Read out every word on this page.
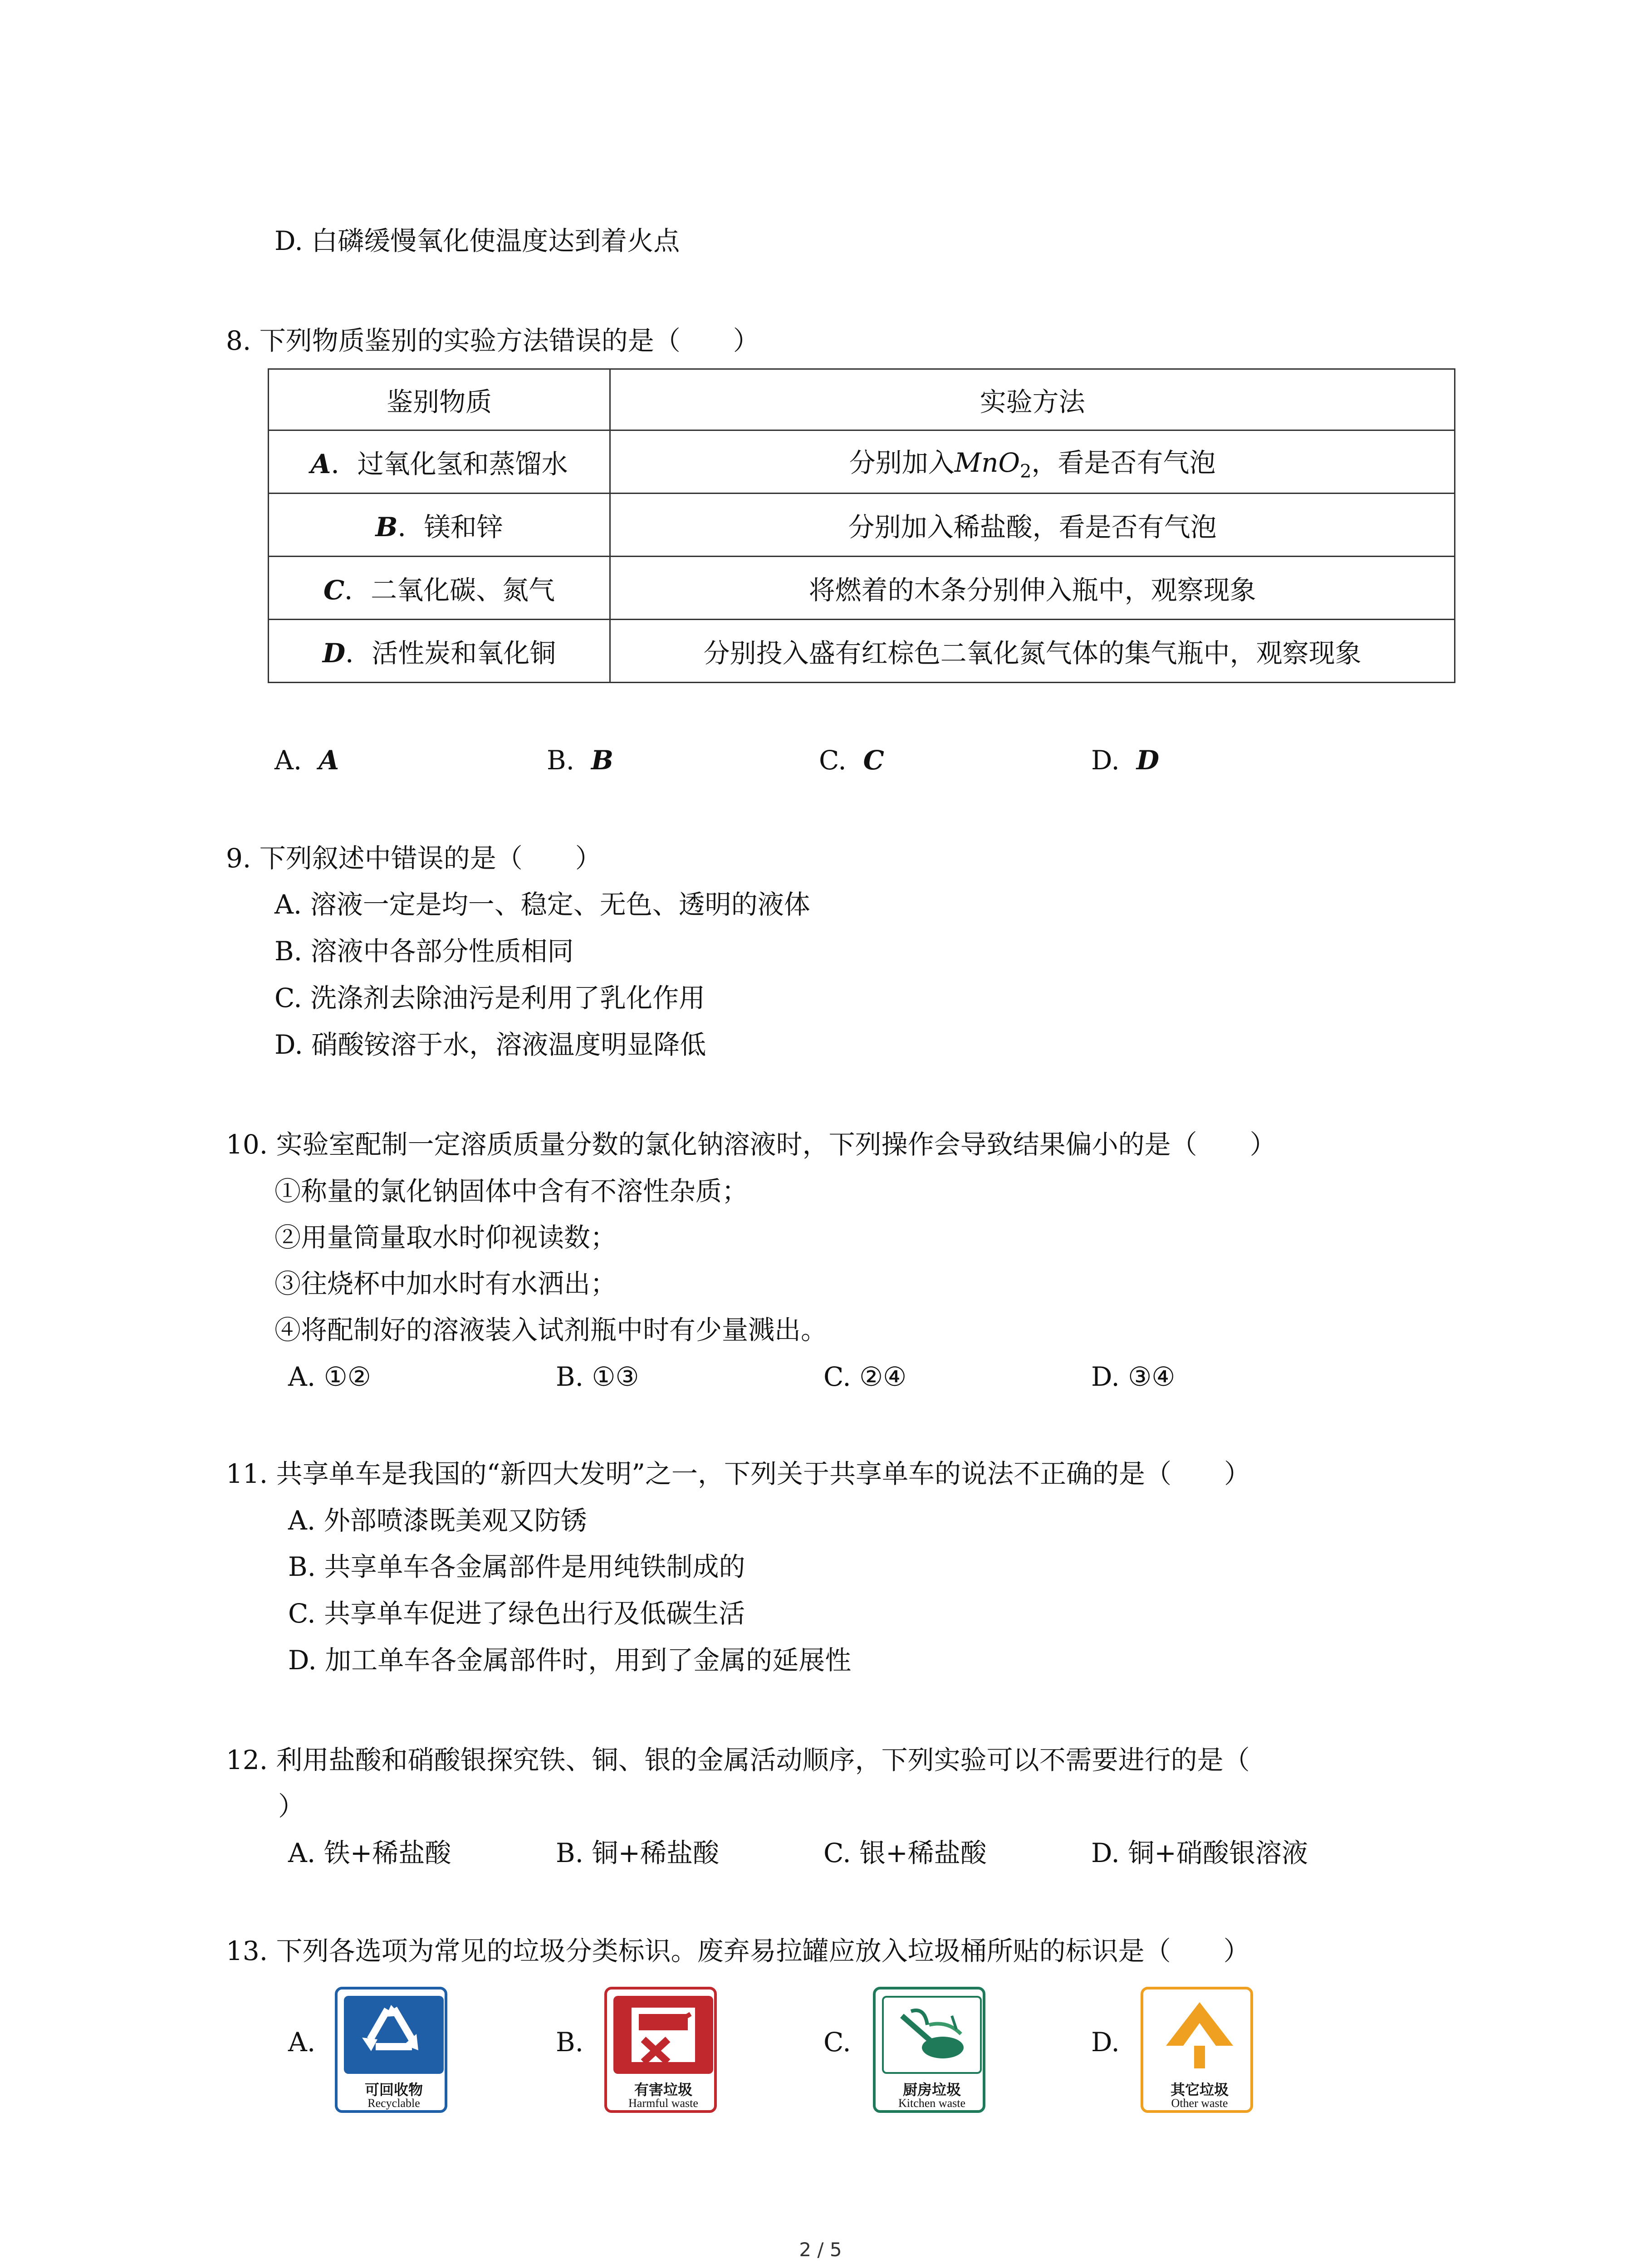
D. 白磷缓慢氧化使温度达到着火点
8. 下列物质鉴别的实验方法错误的是（　　）
鉴别物质	实验方法
A．过氧化氢和蒸馏水	分别加入MnO$_2$，看是否有气泡
B．镁和锌	分别加入稀盐酸，看是否有气泡
C．二氧化碳、氮气	将燃着的木条分别伸入瓶中，观察现象
D．活性炭和氧化铜	分别投入盛有红棕色二氧化氮气体的集气瓶中，观察现象
A. A	B. B	C. C	D. D
9. 下列叙述中错误的是（　　）
A. 溶液一定是均一、稳定、无色、透明的液体
B. 溶液中各部分性质相同
C. 洗涤剂去除油污是利用了乳化作用
D. 硝酸铵溶于水，溶液温度明显降低
10. 实验室配制一定溶质质量分数的氯化钠溶液时，下列操作会导致结果偏小的是（　　）
①称量的氯化钠固体中含有不溶性杂质；
②用量筒量取水时仰视读数；
③往烧杯中加水时有水洒出；
④将配制好的溶液装入试剂瓶中时有少量溅出。
A. ①②	B. ①③	C. ②④	D. ③④
11. 共享单车是我国的“新四大发明”之一，下列关于共享单车的说法不正确的是（　　）
A. 外部喷漆既美观又防锈
B. 共享单车各金属部件是用纯铁制成的
C. 共享单车促进了绿色出行及低碳生活
D. 加工单车各金属部件时，用到了金属的延展性
12. 利用盐酸和硝酸银探究铁、铜、银的金属活动顺序，下列实验可以不需要进行的是（
）
A. 铁+稀盐酸	B. 铜+稀盐酸	C. 银+稀盐酸	D. 铜+硝酸银溶液
13. 下列各选项为常见的垃圾分类标识。废弃易拉罐应放入垃圾桶所贴的标识是（　　）
A.
可回收物
Recyclable
B.
有害垃圾
Harmful waste
C.
厨房垃圾
Kitchen waste
D.
其它垃圾
Other waste
2 / 5
